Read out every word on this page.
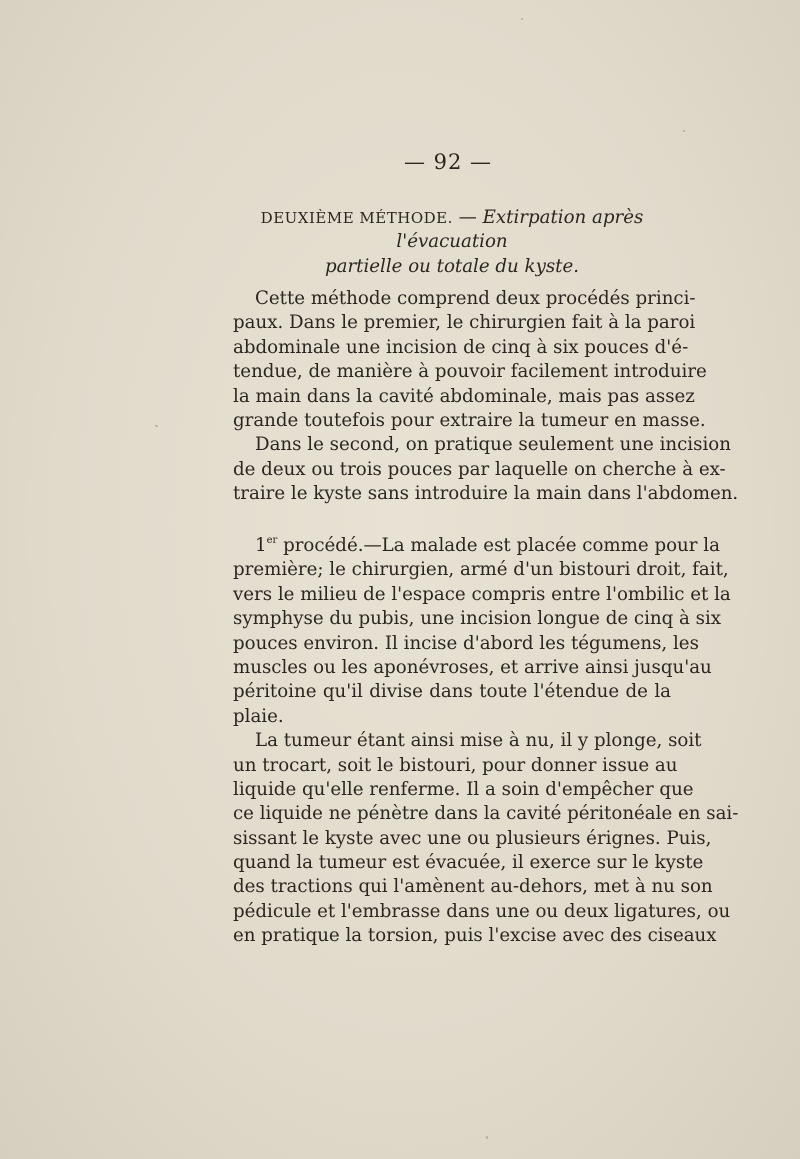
— 92 —
DEUXIÈME MÉTHODE. — Extirpation après l'évacuation
partielle ou totale du kyste.

Cette méthode comprend deux procédés princi-

paux. Dans le premier, le chirurgien fait à la paroi

abdominale une incision de cinq à six pouces d'é-

tendue, de manière à pouvoir facilement introduire

la main dans la cavité abdominale, mais pas assez

grande toutefois pour extraire la tumeur en masse.

Dans le second, on pratique seulement une incision

de deux ou trois pouces par laquelle on cherche à ex-

traire le kyste sans introduire la main dans l'abdomen.

1er procédé.—La malade est placée comme pour la

première; le chirurgien, armé d'un bistouri droit, fait,

vers le milieu de l'espace compris entre l'ombilic et la

symphyse du pubis, une incision longue de cinq à six

pouces environ. Il incise d'abord les tégumens, les

muscles ou les aponévroses, et arrive ainsi jusqu'au

péritoine qu'il divise dans toute l'étendue de la

plaie.

La tumeur étant ainsi mise à nu, il y plonge, soit

un trocart, soit le bistouri, pour donner issue au

liquide qu'elle renferme. Il a soin d'empêcher que

ce liquide ne pénètre dans la cavité péritonéale en sai-

sissant le kyste avec une ou plusieurs érignes. Puis,

quand la tumeur est évacuée, il exerce sur le kyste

des tractions qui l'amènent au-dehors, met à nu son

pédicule et l'embrasse dans une ou deux ligatures, ou

en pratique la torsion, puis l'excise avec des ciseaux
